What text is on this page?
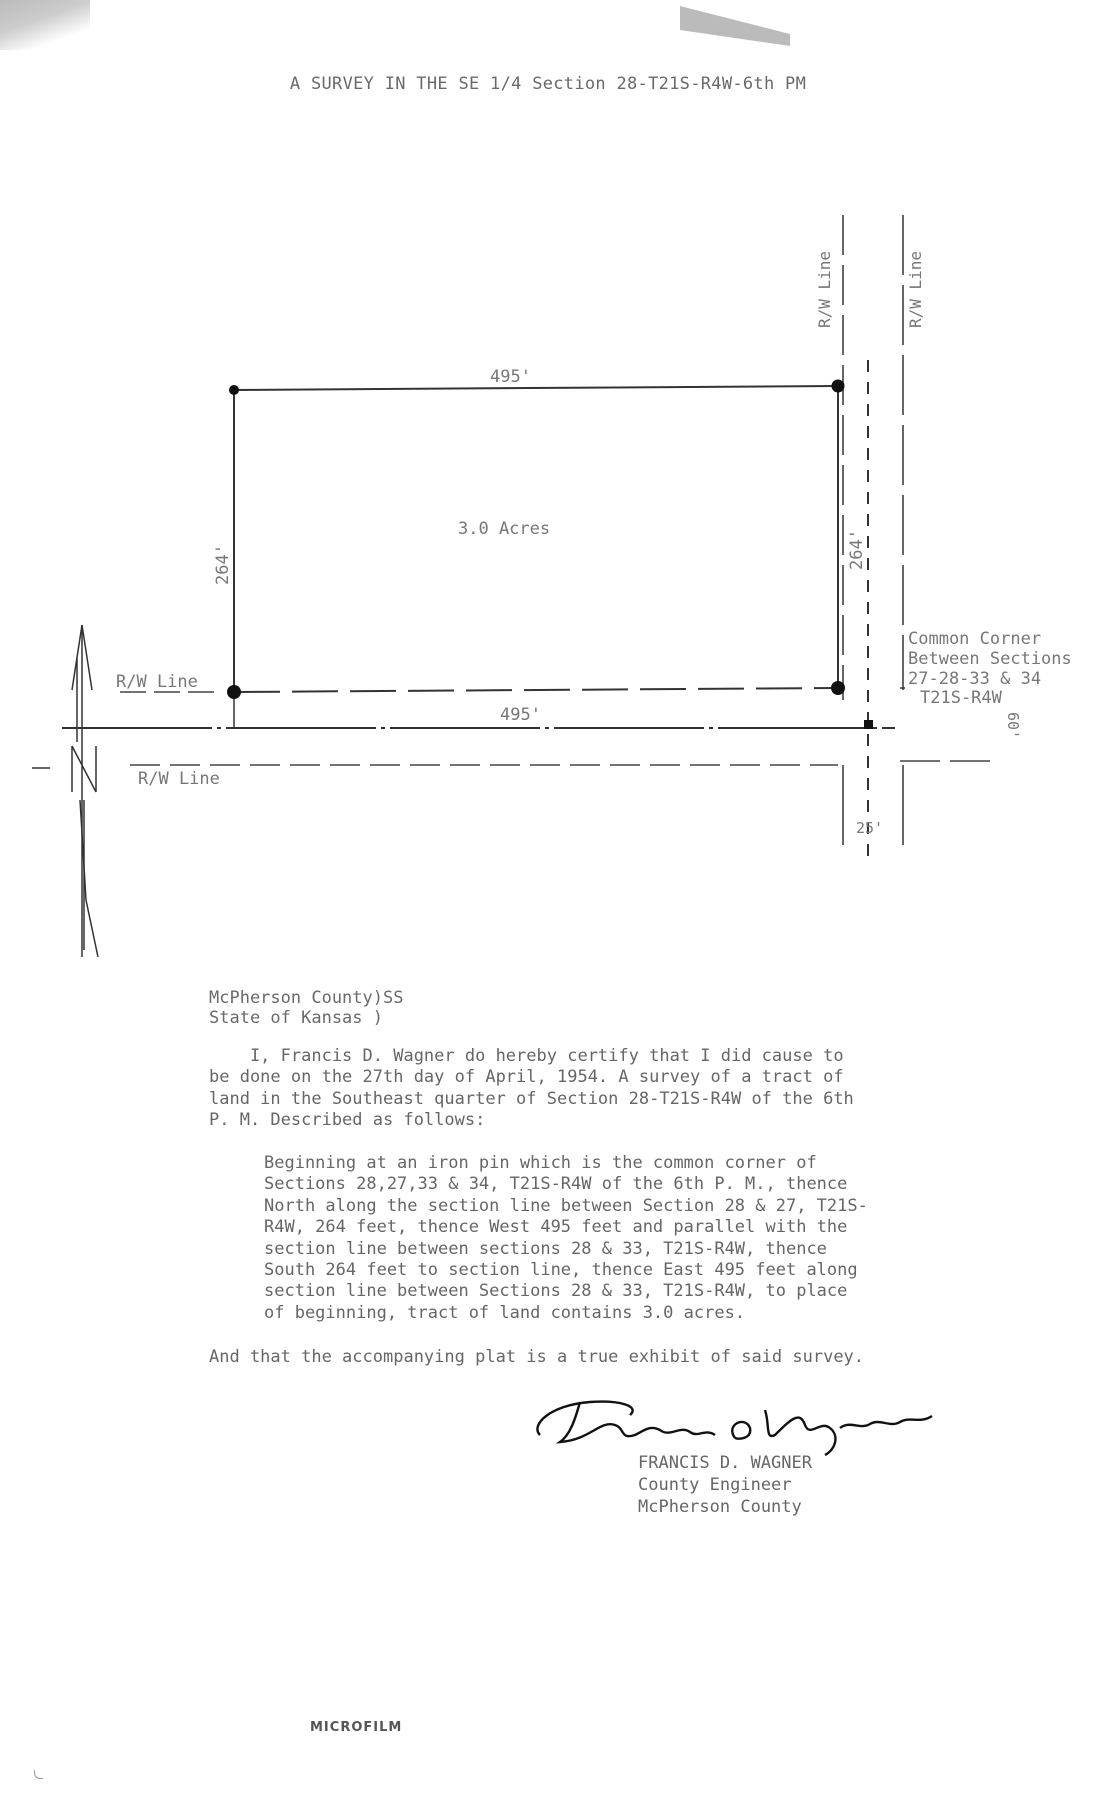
A SURVEY IN THE SE 1/4 Section 28-T21S-R4W-6th PM
495'
495'
264'	264'
3.0 Acres
R/W Line
R/W Line
R/W Line	R/W Line
Common Corner
Between Sections
27-28-33 & 34
T21S-R4W
60'
25'
McPherson County)SS
State of Kansas )
I, Francis D. Wagner do hereby certify that I did cause to
be done on the 27th day of April, 1954. A survey of a tract of
land in the Southeast quarter of Section 28-T21S-R4W of the 6th
P. M. Described as follows:
Beginning at an iron pin which is the common corner of
Sections 28,27,33 & 34, T21S-R4W of the 6th P. M., thence
North along the section line between Section 28 & 27, T21S-
R4W, 264 feet, thence West 495 feet and parallel with the
section line between sections 28 & 33, T21S-R4W, thence
South 264 feet to section line, thence East 495 feet along
section line between Sections 28 & 33, T21S-R4W, to place
of beginning, tract of land contains 3.0 acres.
And that the accompanying plat is a true exhibit of said survey.
FRANCIS D. WAGNER
County Engineer
McPherson County
MICROFILM
